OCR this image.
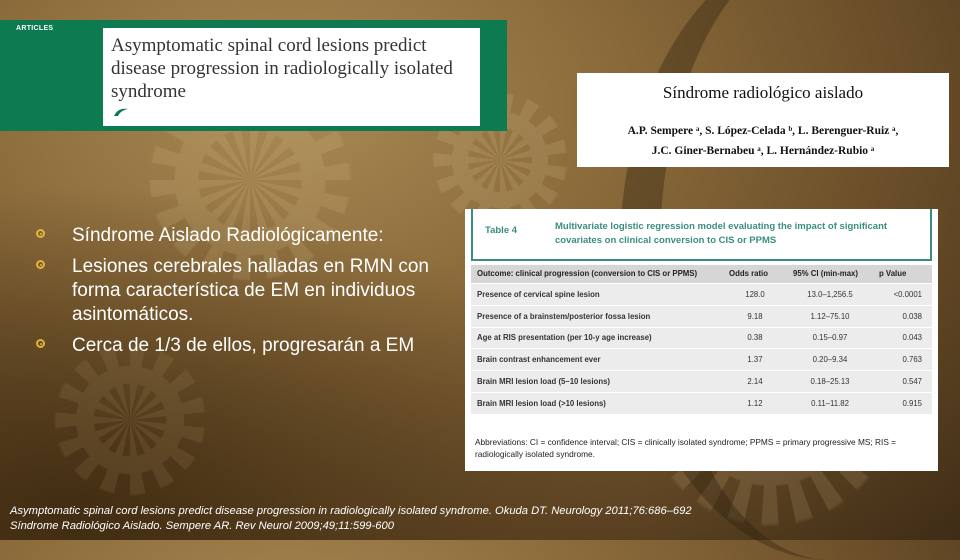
ARTICLES
Asymptomatic spinal cord lesions predict disease progression in radiologically isolated syndrome	Síndrome radiológico aislado
A.P. Sempere ᵃ, S. López-Celada ᵇ, L. Berenguer-Ruiz ᵃ,
J.C. Giner-Bernabeu ᵃ, L. Hernández-Rubio ᵃ
Síndrome Aislado Radiológicamente:
Lesiones cerebrales halladas en RMN con forma característica de EM en individuos asintomáticos.
Cerca de 1/3 de ellos, progresarán a EM
Table 4	Multivariate logistic regression model evaluating the impact of significant covariates on clinical conversion to CIS or PPMS
Outcome: clinical progression (conversion to CIS or PPMS)	Odds ratio	95% CI (min-max)	p Value
Presence of cervical spine lesion	128.0	13.0–1,256.5	<0.0001
Presence of a brainstem/posterior fossa lesion	9.18	1.12–75.10	0.038
Age at RIS presentation (per 10-y age increase)	0.38	0.15–0.97	0.043
Brain contrast enhancement ever	1.37	0.20–9.34	0.763
Brain MRI lesion load (5–10 lesions)	2.14	0.18–25.13	0.547
Brain MRI lesion load (>10 lesions)	1.12	0.11–11.82	0.915
Abbreviations: CI = confidence interval; CIS = clinically isolated syndrome; PPMS = primary progressive MS; RIS = radiologically isolated syndrome.
Asymptomatic spinal cord lesions predict disease progression in radiologically isolated syndrome. Okuda DT. Neurology 2011;76:686–692
Síndrome Radiológico Aislado. Sempere AR. Rev Neurol 2009;49;11:599-600
